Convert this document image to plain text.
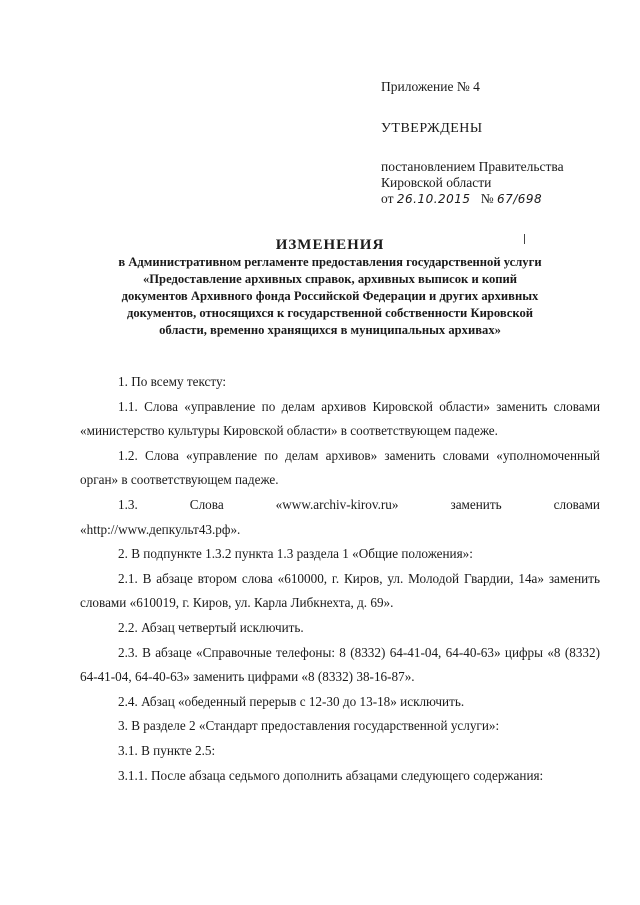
Приложение № 4
УТВЕРЖДЕНЫ
постановлением Правительства
Кировской области
от 26.10.2015 № 67/698
ИЗМЕНЕНИЯ
в Административном регламенте предоставления государственной услуги
«Предоставление архивных справок, архивных выписок и копий
документов Архивного фонда Российской Федерации и других архивных
документов, относящихся к государственной собственности Кировской
области, временно хранящихся в муниципальных архивах»

1. По всему тексту:

1.1. Слова «управление по делам архивов Кировской области» заменить словами «министерство культуры Кировской области» в соответствующем падеже.

1.2. Слова «управление по делам архивов» заменить словами «уполномоченный орган» в соответствующем падеже.

1.3. Слова «www.archiv-kirov.ru» заменить словами

«http://www.депкульт43.рф».

2. В подпункте 1.3.2 пункта 1.3 раздела 1 «Общие положения»:

2.1. В абзаце втором слова «610000, г. Киров, ул. Молодой Гвардии, 14а» заменить словами «610019, г. Киров, ул. Карла Либкнехта, д. 69».

2.2. Абзац четвертый исключить.

2.3. В абзаце «Справочные телефоны: 8 (8332) 64-41-04, 64-40-63» цифры «8 (8332) 64-41-04, 64-40-63» заменить цифрами «8 (8332) 38-16-87».

2.4. Абзац «обеденный перерыв с 12-30 до 13-18» исключить.

3. В разделе 2 «Стандарт предоставления государственной услуги»:

3.1. В пункте 2.5:

3.1.1. После абзаца седьмого дополнить абзацами следующего содержания:
